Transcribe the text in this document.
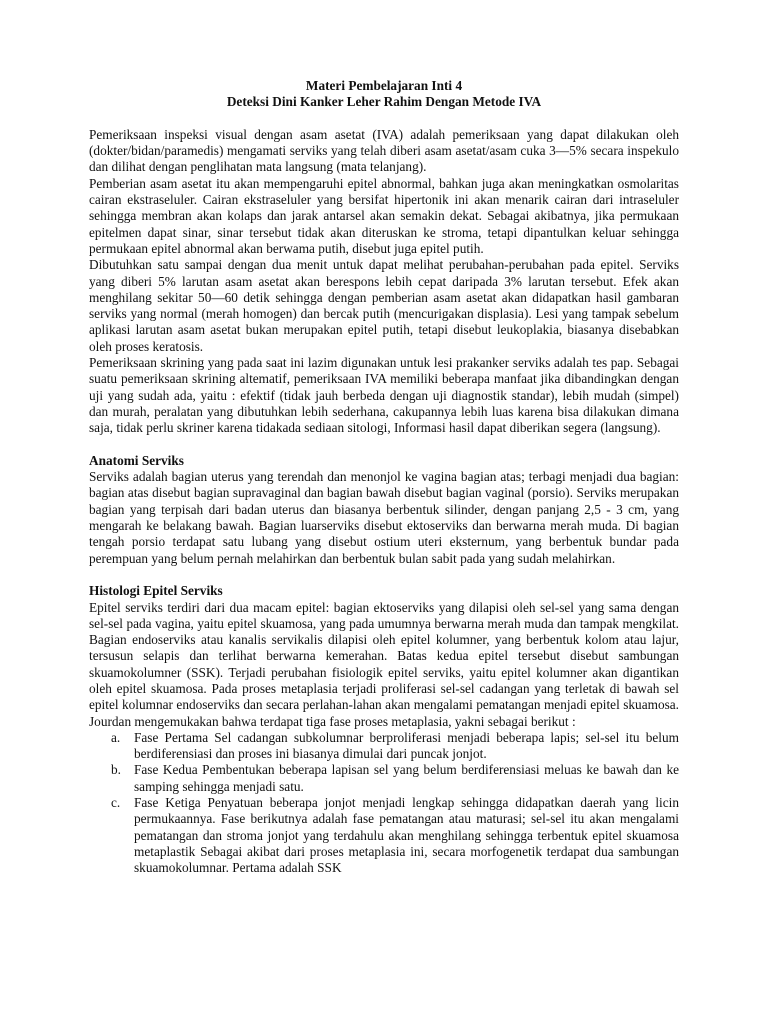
Materi Pembelajaran Inti 4

Deteksi Dini Kanker Leher Rahim Dengan Metode IVA

Pemeriksaan inspeksi visual dengan asam asetat (IVA) adalah pemeriksaan yang dapat dilakukan oleh (dokter/bidan/paramedis) mengamati serviks yang telah diberi asam asetat/asam cuka 3—5% secara inspekulo dan dilihat dengan penglihatan mata langsung (mata telanjang).

Pemberian asam asetat itu akan mempengaruhi epitel abnormal, bahkan juga akan meningkatkan osmolaritas cairan ekstraseluler. Cairan ekstraseluler yang bersifat hipertonik ini akan menarik cairan dari intraseluler sehingga membran akan kolaps dan jarak antarsel akan semakin dekat. Sebagai akibatnya, jika permukaan epitelmen dapat sinar, sinar tersebut tidak akan diteruskan ke stroma, tetapi dipantulkan keluar sehingga permukaan epitel abnormal akan berwama putih, disebut juga epitel putih.

Dibutuhkan satu sampai dengan dua menit untuk dapat melihat perubahan-perubahan pada epitel. Serviks yang diberi 5% larutan asam asetat akan berespons lebih cepat daripada 3% larutan tersebut. Efek akan menghilang sekitar 50—60 detik sehingga dengan pemberian asam asetat akan didapatkan hasil gambaran serviks yang normal (merah homogen) dan bercak putih (mencurigakan displasia). Lesi yang tampak sebelum aplikasi larutan asam asetat bukan merupakan epitel putih, tetapi disebut leukoplakia, biasanya disebabkan oleh proses keratosis.

Pemeriksaan skrining yang pada saat ini lazim digunakan untuk lesi prakanker serviks adalah tes pap. Sebagai suatu pemeriksaan skrining altematif, pemeriksaan IVA memiliki beberapa manfaat jika dibandingkan dengan uji yang sudah ada, yaitu : efektif (tidak jauh berbeda dengan uji diagnostik standar), lebih mudah (simpel) dan murah, peralatan yang dibutuhkan lebih sederhana, cakupannya lebih luas karena bisa dilakukan dimana saja, tidak perlu skriner karena tidakada sediaan sitologi, Informasi hasil dapat diberikan segera (langsung).

Anatomi Serviks

Serviks adalah bagian uterus yang terendah dan menonjol ke vagina bagian atas; terbagi menjadi dua bagian: bagian atas disebut bagian supravaginal dan bagian bawah disebut bagian vaginal (porsio). Serviks merupakan bagian yang terpisah dari badan uterus dan biasanya berbentuk silinder, dengan panjang 2,5 - 3 cm, yang mengarah ke belakang bawah. Bagian luarserviks disebut ektoserviks dan berwarna merah muda. Di bagian tengah porsio terdapat satu lubang yang disebut ostium uteri eksternum, yang berbentuk bundar pada perempuan yang belum pernah melahirkan dan berbentuk bulan sabit pada yang sudah melahirkan.

Histologi Epitel Serviks

Epitel serviks terdiri dari dua macam epitel: bagian ektoserviks yang dilapisi oleh sel-sel yang sama dengan sel-sel pada vagina, yaitu epitel skuamosa, yang pada umumnya berwarna merah muda dan tampak mengkilat. Bagian endoserviks atau kanalis servikalis dilapisi oleh epitel kolumner, yang berbentuk kolom atau lajur, tersusun selapis dan terlihat berwarna kemerahan. Batas kedua epitel tersebut disebut sambungan skuamokolumner (SSK). Terjadi perubahan fisiologik epitel serviks, yaitu epitel kolumner akan digantikan oleh epitel skuamosa. Pada proses metaplasia terjadi proliferasi sel-sel cadangan yang terletak di bawah sel epitel kolumnar endoserviks dan secara perlahan-lahan akan mengalami pematangan menjadi epitel skuamosa. Jourdan mengemukakan bahwa terdapat tiga fase proses metaplasia, yakni sebagai berikut :

a. Fase Pertama Sel cadangan subkolumnar berproliferasi menjadi beberapa lapis; sel-sel itu belum berdiferensiasi dan proses ini biasanya dimulai dari puncak jonjot.
b. Fase Kedua Pembentukan beberapa lapisan sel yang belum berdiferensiasi meluas ke bawah dan ke samping sehingga menjadi satu.
c. Fase Ketiga Penyatuan beberapa jonjot menjadi lengkap sehingga didapatkan daerah yang licin permukaannya. Fase berikutnya adalah fase pematangan atau maturasi; sel-sel itu akan mengalami pematangan dan stroma jonjot yang terdahulu akan menghilang sehingga terbentuk epitel skuamosa metaplastik Sebagai akibat dari proses metaplasia ini, secara morfogenetik terdapat dua sambungan skuamokolumnar. Pertama adalah SSK
